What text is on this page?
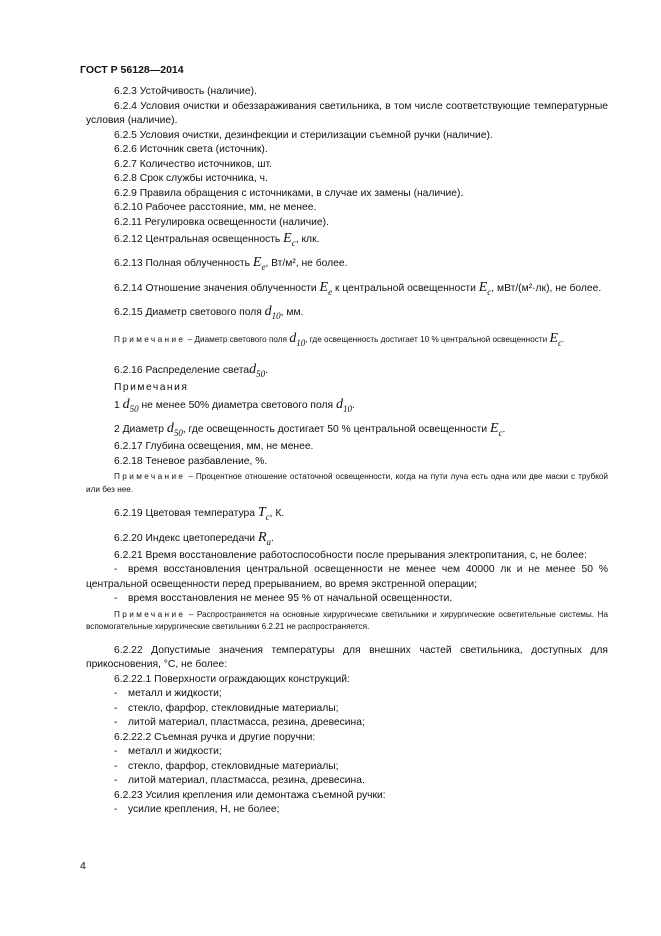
ГОСТ Р 56128—2014

6.2.3 Устойчивость (наличие).

6.2.4 Условия очистки и обеззараживания светильника, в том числе соответствующие температурные условия (наличие).

6.2.5 Условия очистки, дезинфекции и стерилизации съемной ручки (наличие).

6.2.6 Источник света (источник).

6.2.7 Количество источников, шт.

6.2.8 Срок службы источника, ч.

6.2.9 Правила обращения с источниками, в случае их замены (наличие).

6.2.10 Рабочее расстояние, мм, не менее.

6.2.11 Регулировка освещенности (наличие).

6.2.12 Центральная освещенность $E_c$, клк.

6.2.13 Полная облученность $E_e$, Вт/м², не более.

6.2.14 Отношение значения облученности $E_e$ к центральной освещенности $E_c$, мВт/(м²·лк), не более.

6.2.15 Диаметр светового поля $d_{10}$, мм.

Примечание – Диаметр светового поля $d_{10}$, где освещенность достигает 10 % центральной освещенности $E_c$.

6.2.16 Распределение светаd$_{50}$.

Примечания

1 $d_{50}$ не менее 50% диаметра светового поля $d_{10}$.

2 Диаметр $d_{50}$, где освещенность достигает 50 % центральной освещенности $E_c$.

6.2.17 Глубина освещения, мм, не менее.

6.2.18 Теневое разбавление, %.

Примечание – Процентное отношение остаточной освещенности, когда на пути луча есть одна или две маски с трубкой или без нее.

6.2.19 Цветовая температура $T_c$, К.

6.2.20 Индекс цветопередачи $R_a$.

6.2.21 Время восстановление работоспособности после прерывания электропитания, с, не более:

- время восстановления центральной освещенности не менее чем 40000 лк и не менее 50 % центральной освещенности перед прерыванием, во время экстренной операции;

- время восстановления не менее 95 % от начальной освещенности.

Примечание – Распространяется на основные хирургические светильники и хирургические осветительные системы. На вспомогательные хирургические светильники 6.2.21 не распространяется.

6.2.22 Допустимые значения температуры для внешних частей светильника, доступных для прикосновения, °С, не более:

6.2.22.1 Поверхности ограждающих конструкций:

- металл и жидкости;

- стекло, фарфор, стекловидные материалы;

- литой материал, пластмасса, резина, древесина;

6.2.22.2 Съемная ручка и другие поручни:

- металл и жидкости;

- стекло, фарфор, стекловидные материалы;

- литой материал, пластмасса, резина, древесина.

6.2.23 Усилия крепления или демонтажа съемной ручки:

- усилие крепления, Н, не более;

4
